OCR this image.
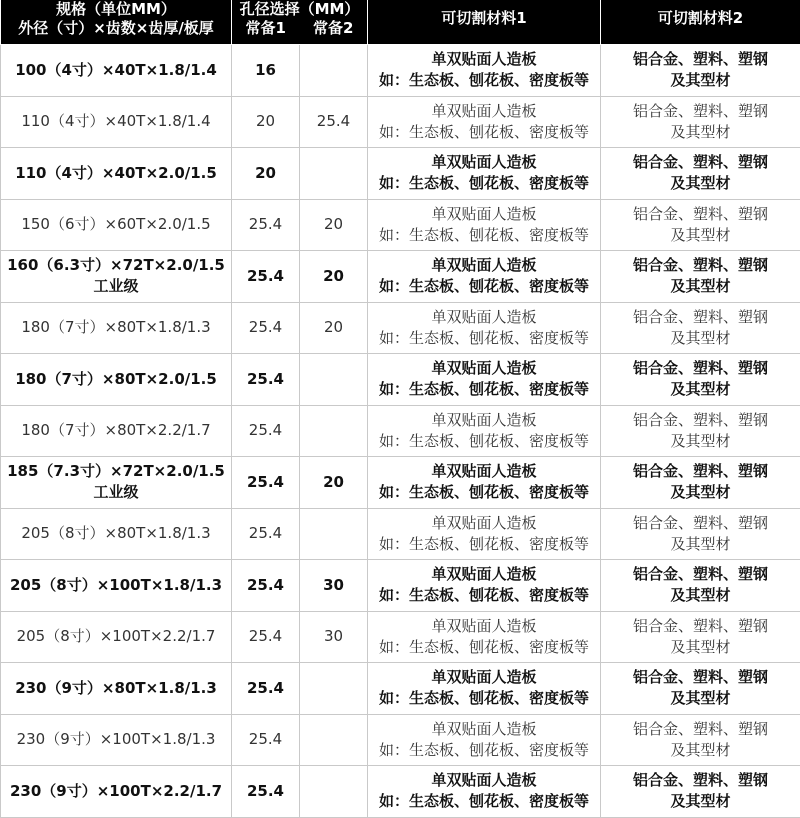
规格（单位MM）
外径（寸）×齿数×齿厚/板厚	孔径选择（MM）
常备1 常备2		可切割材料1	可切割材料2

100（4寸）×40T×1.8/1.4	16		单双贴面人造板
如：生态板、刨花板、密度板等	铝合金、塑料、塑钢
及其型材

110（4寸）×40T×1.8/1.4	20	25.4	单双贴面人造板
如：生态板、刨花板、密度板等	铝合金、塑料、塑钢
及其型材

110（4寸）×40T×2.0/1.5	20		单双贴面人造板
如：生态板、刨花板、密度板等	铝合金、塑料、塑钢
及其型材

150（6寸）×60T×2.0/1.5	25.4	20	单双贴面人造板
如：生态板、刨花板、密度板等	铝合金、塑料、塑钢
及其型材

160（6.3寸）×72T×2.0/1.5
工业级	25.4	20	单双贴面人造板
如：生态板、刨花板、密度板等	铝合金、塑料、塑钢
及其型材

180（7寸）×80T×1.8/1.3	25.4	20	单双贴面人造板
如：生态板、刨花板、密度板等	铝合金、塑料、塑钢
及其型材

180（7寸）×80T×2.0/1.5	25.4		单双贴面人造板
如：生态板、刨花板、密度板等	铝合金、塑料、塑钢
及其型材

180（7寸）×80T×2.2/1.7	25.4		单双贴面人造板
如：生态板、刨花板、密度板等	铝合金、塑料、塑钢
及其型材

185（7.3寸）×72T×2.0/1.5
工业级	25.4	20	单双贴面人造板
如：生态板、刨花板、密度板等	铝合金、塑料、塑钢
及其型材

205（8寸）×80T×1.8/1.3	25.4		单双贴面人造板
如：生态板、刨花板、密度板等	铝合金、塑料、塑钢
及其型材

205（8寸）×100T×1.8/1.3	25.4	30	单双贴面人造板
如：生态板、刨花板、密度板等	铝合金、塑料、塑钢
及其型材

205（8寸）×100T×2.2/1.7	25.4	30	单双贴面人造板
如：生态板、刨花板、密度板等	铝合金、塑料、塑钢
及其型材

230（9寸）×80T×1.8/1.3	25.4		单双贴面人造板
如：生态板、刨花板、密度板等	铝合金、塑料、塑钢
及其型材

230（9寸）×100T×1.8/1.3	25.4		单双贴面人造板
如：生态板、刨花板、密度板等	铝合金、塑料、塑钢
及其型材

230（9寸）×100T×2.2/1.7	25.4		单双贴面人造板
如：生态板、刨花板、密度板等	铝合金、塑料、塑钢
及其型材
